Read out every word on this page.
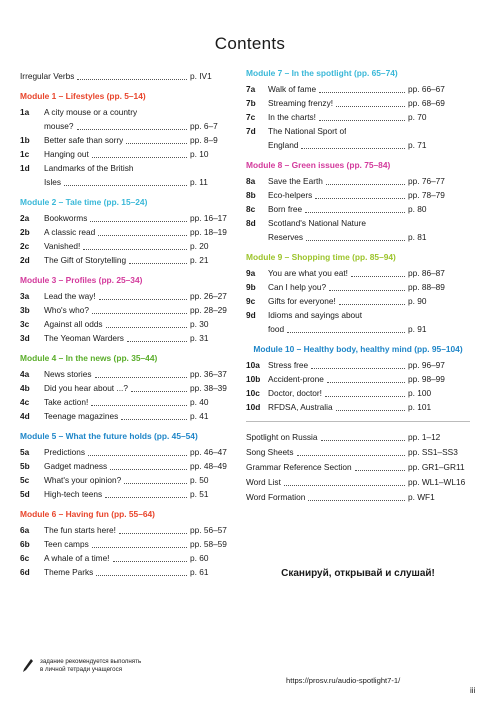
Contents
Irregular Verbs	p. IV1
Module 1 – Lifestyles (pp. 5–14)
1a	A city mouse or a country
mouse?	pp. 6–7
1b	Better safe than sorry	pp. 8–9
1c	Hanging out	p. 10
1d	Landmarks of the British
Isles	p. 11
Module 2 – Tale time (pp. 15–24)
2a	Bookworms	pp. 16–17
2b	A classic read	pp. 18–19
2c	Vanished!	p. 20
2d	The Gift of Storytelling	p. 21
Module 3 – Profiles (pp. 25–34)
3a	Lead the way!	pp. 26–27
3b	Who's who?	pp. 28–29
3c	Against all odds	p. 30
3d	The Yeoman Warders	p. 31
Module 4 – In the news (pp. 35–44)
4a	News stories	pp. 36–37
4b	Did you hear about ...?	pp. 38–39
4c	Take action!	p. 40
4d	Teenage magazines	p. 41
Module 5 – What the future holds (pp. 45–54)
5a	Predictions	pp. 46–47
5b	Gadget madness	pp. 48–49
5c	What's your opinion?	p. 50
5d	High-tech teens	p. 51
Module 6 – Having fun (pp. 55–64)
6a	The fun starts here!	pp. 56–57
6b	Teen camps	pp. 58–59
6c	A whale of a time!	p. 60
6d	Theme Parks	p. 61
Module 7 – In the spotlight (pp. 65–74)
7a	Walk of fame	pp. 66–67
7b	Streaming frenzy!	pp. 68–69
7c	In the charts!	p. 70
7d	The National Sport of
England	p. 71
Module 8 – Green issues (pp. 75–84)
8a	Save the Earth	pp. 76–77
8b	Eco-helpers	pp. 78–79
8c	Born free	p. 80
8d	Scotland's National Nature
Reserves	p. 81
Module 9 – Shopping time (pp. 85–94)
9a	You are what you eat!	pp. 86–87
9b	Can I help you?	pp. 88–89
9c	Gifts for everyone!	p. 90
9d	Idioms and sayings about
food	p. 91
Module 10 – Healthy body, healthy mind (pp. 95–104)
10a Stress free	pp. 96–97
10b Accident-prone	pp. 98–99
10c Doctor, doctor!	p. 100
10d RFDSA, Australia	p. 101
Spotlight on Russia	pp. 1–12
Song Sheets	pp. SS1–SS3
Grammar Reference Section	pp. GR1–GR11
Word List	pp. WL1–WL16
Word Formation	p. WF1
Сканируй, открывай и слушай!
задание рекомендуется выполнять
в личной тетради учащегося
https://prosv.ru/audio-spotlight7-1/
iii
